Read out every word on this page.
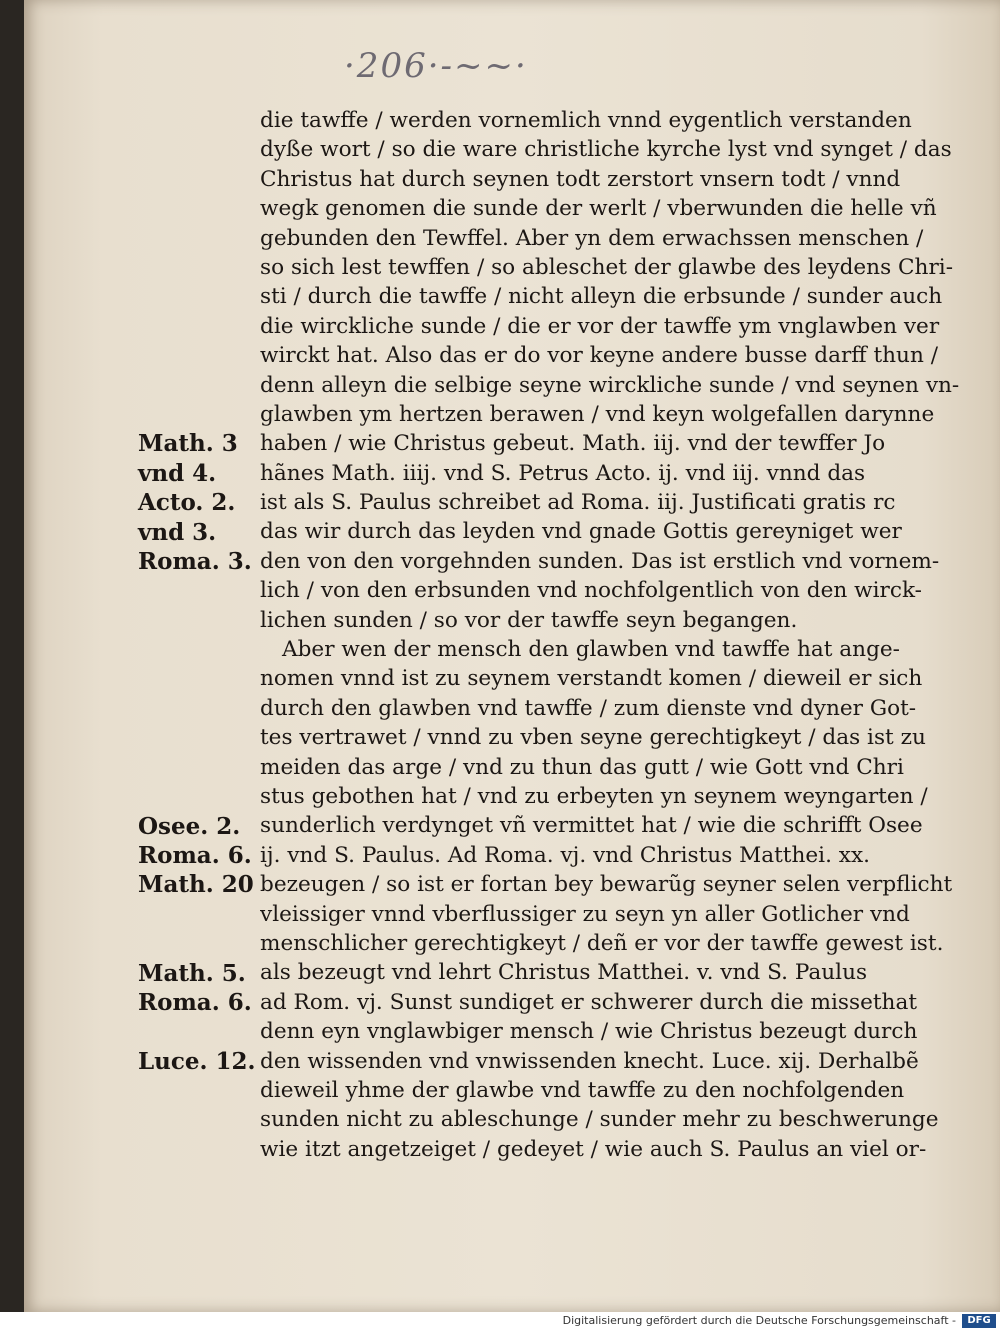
·206·-~~·
die tawffe / werden vornemlich vnnd eygentlich verstanden
dyße wort / so die ware christliche kyrche lyst vnd synget / das
Christus hat durch seynen todt zerstort vnsern todt / vnnd
wegk genomen die sunde der werlt / vberwunden die helle vñ
gebunden den Tewffel. Aber yn dem erwachssen menschen /
so sich lest tewffen / so ableschet der glawbe des leydens Chri-
sti / durch die tawffe / nicht alleyn die erbsunde / sunder auch
die wirckliche sunde / die er vor der tawffe ym vnglawben ver
wirckt hat. Also das er do vor keyne andere busse darff thun /
denn alleyn die selbige seyne wirckliche sunde / vnd seynen vn-
glawben ym hertzen berawen / vnd keyn wolgefallen darynne
haben / wie Christus gebeut. Math. iij. vnd der tewffer Jo
hãnes Math. iiij. vnd S. Petrus Acto. ij. vnd iij. vnnd das
ist als S. Paulus schreibet ad Roma. iij. Justificati gratis rc
das wir durch das leyden vnd gnade Gottis gereyniget wer
den von den vorgehnden sunden. Das ist erstlich vnd vornem-
lich / von den erbsunden vnd nochfolgentlich von den wirck-
lichen sunden / so vor der tawffe seyn begangen.
Aber wen der mensch den glawben vnd tawffe hat ange-
nomen vnnd ist zu seynem verstandt komen / dieweil er sich
durch den glawben vnd tawffe / zum dienste vnd dyner Got-
tes vertrawet / vnnd zu vben seyne gerechtigkeyt / das ist zu
meiden das arge / vnd zu thun das gutt / wie Gott vnd Chri
stus gebothen hat / vnd zu erbeyten yn seynem weyngarten /
sunderlich verdynget vñ vermittet hat / wie die schrifft Osee
ij. vnd S. Paulus. Ad Roma. vj. vnd Christus Matthei. xx.
bezeugen / so ist er fortan bey bewarũg seyner selen verpflicht
vleissiger vnnd vberflussiger zu seyn yn aller Gotlicher vnd
menschlicher gerechtigkeyt / deñ er vor der tawffe gewest ist.
als bezeugt vnd lehrt Christus Matthei. v. vnd S. Paulus
ad Rom. vj. Sunst sundiget er schwerer durch die missethat
denn eyn vnglawbiger mensch / wie Christus bezeugt durch
den wissenden vnd vnwissenden knecht. Luce. xij. Derhalbẽ
dieweil yhme der glawbe vnd tawffe zu den nochfolgenden
sunden nicht zu ableschunge / sunder mehr zu beschwerunge
wie itzt angetzeiget / gedeyet / wie auch S. Paulus an viel or-
Math. 3
vnd 4.
Acto. 2.
vnd 3.
Roma. 3.
Osee. 2.
Roma. 6.
Math. 20
Math. 5.
Roma. 6.
Luce. 12.
Digitalisierung gefördert durch die Deutsche Forschungsgemeinschaft -	DFG
